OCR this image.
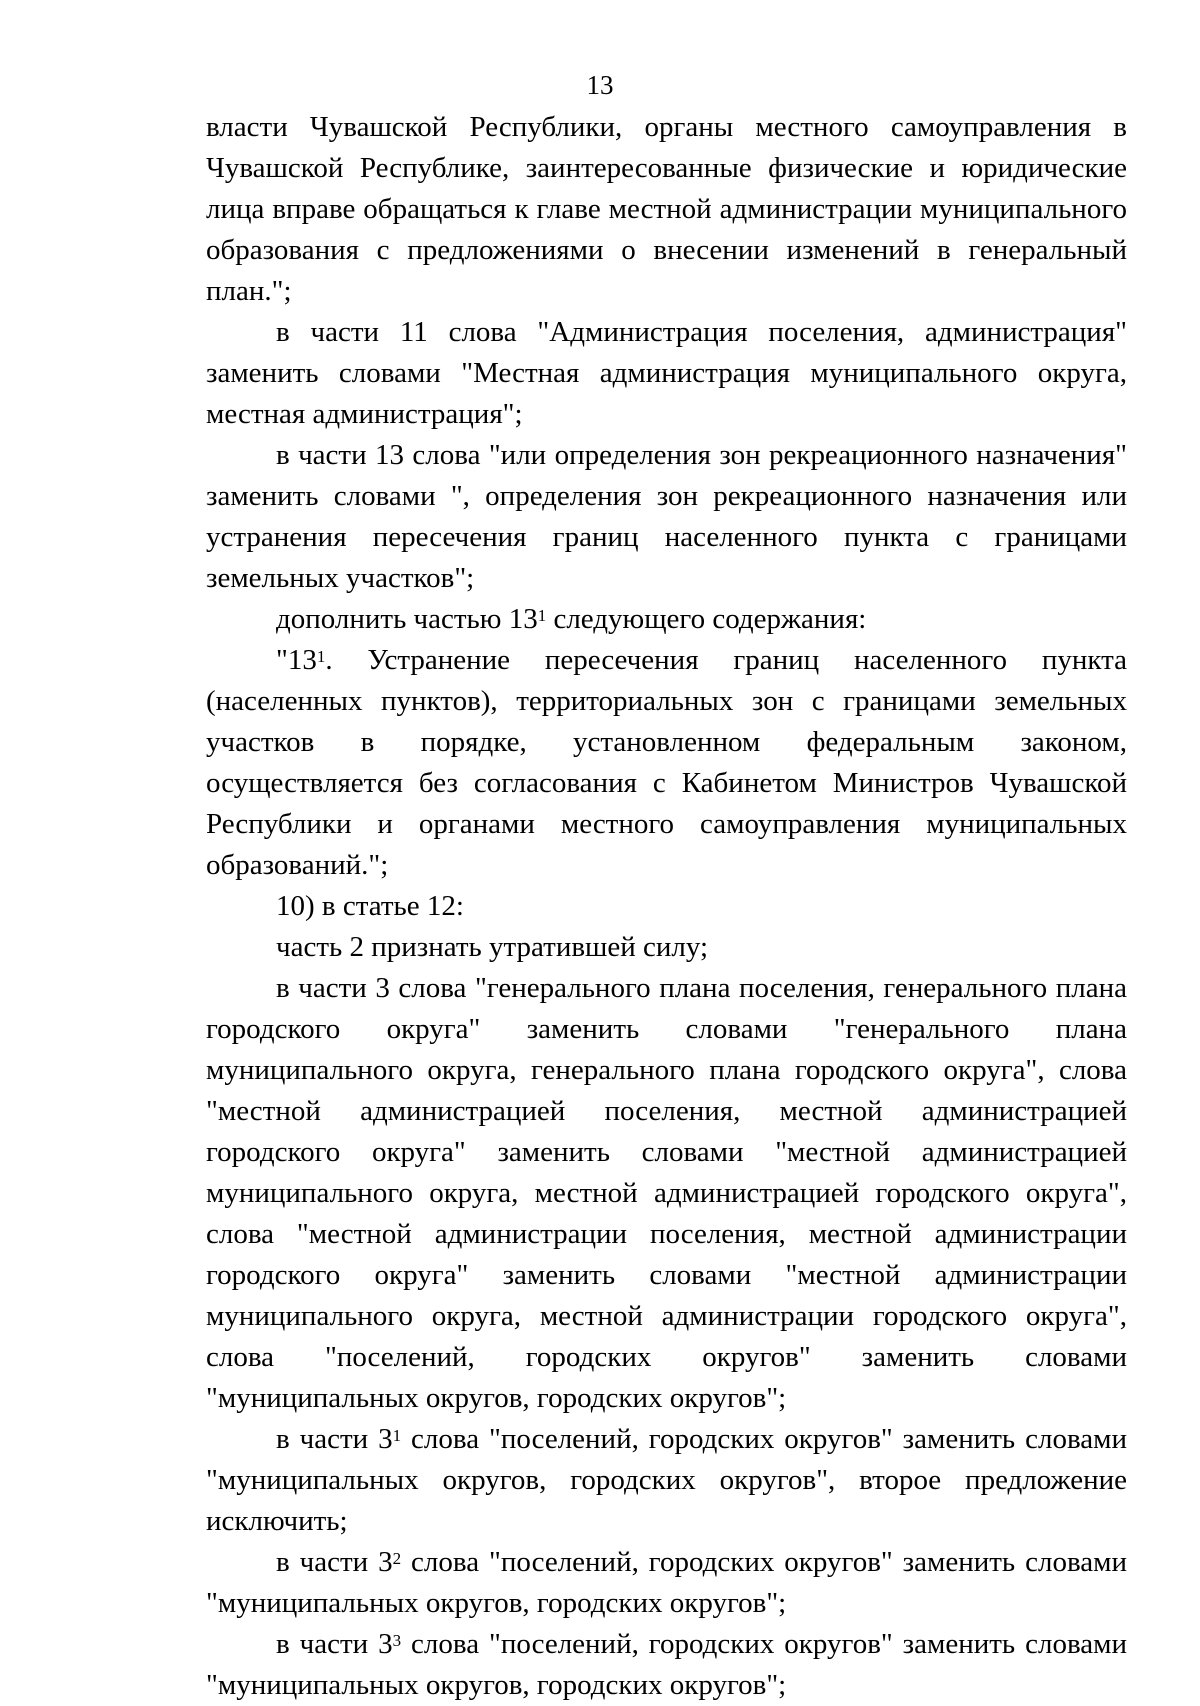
13

власти Чувашской Республики, органы местного самоуправления в Чувашской Республике, заинтересованные физические и юридические лица вправе обращаться к главе местной администрации муниципального образования с предложениями о внесении изменений в генеральный план.";

в части 11 слова "Администрация поселения, администрация" заменить словами "Местная администрация муниципального округа, местная администрация";

в части 13 слова "или определения зон рекреационного назначения" заменить словами ", определения зон рекреационного назначения или устранения пересечения границ населенного пункта с границами земельных участков";

дополнить частью $13^1$ следующего содержания:

"$13^1$. Устранение пересечения границ населенного пункта (населенных пунктов), территориальных зон с границами земельных участков в порядке, установленном федеральным законом, осуществляется без согласования с Кабинетом Министров Чувашской Республики и органами местного самоуправления муниципальных образований.";

10) в статье 12:

часть 2 признать утратившей силу;

в части 3 слова "генерального плана поселения, генерального плана городского округа" заменить словами "генерального плана муниципального округа, генерального плана городского округа", слова "местной администрацией поселения, местной администрацией городского округа" заменить словами "местной администрацией муниципального округа, местной администрацией городского округа", слова "местной администрации поселения, местной администрации городского округа" заменить словами "местной администрации муниципального округа, местной администрации городского округа", слова "поселений, городских округов" заменить словами "муниципальных округов, городских округов";

в части $3^1$ слова "поселений, городских округов" заменить словами "муниципальных округов, городских округов", второе предложение исключить;

в части $3^2$ слова "поселений, городских округов" заменить словами "муниципальных округов, городских округов";

в части $3^3$ слова "поселений, городских округов" заменить словами "муниципальных округов, городских округов";
